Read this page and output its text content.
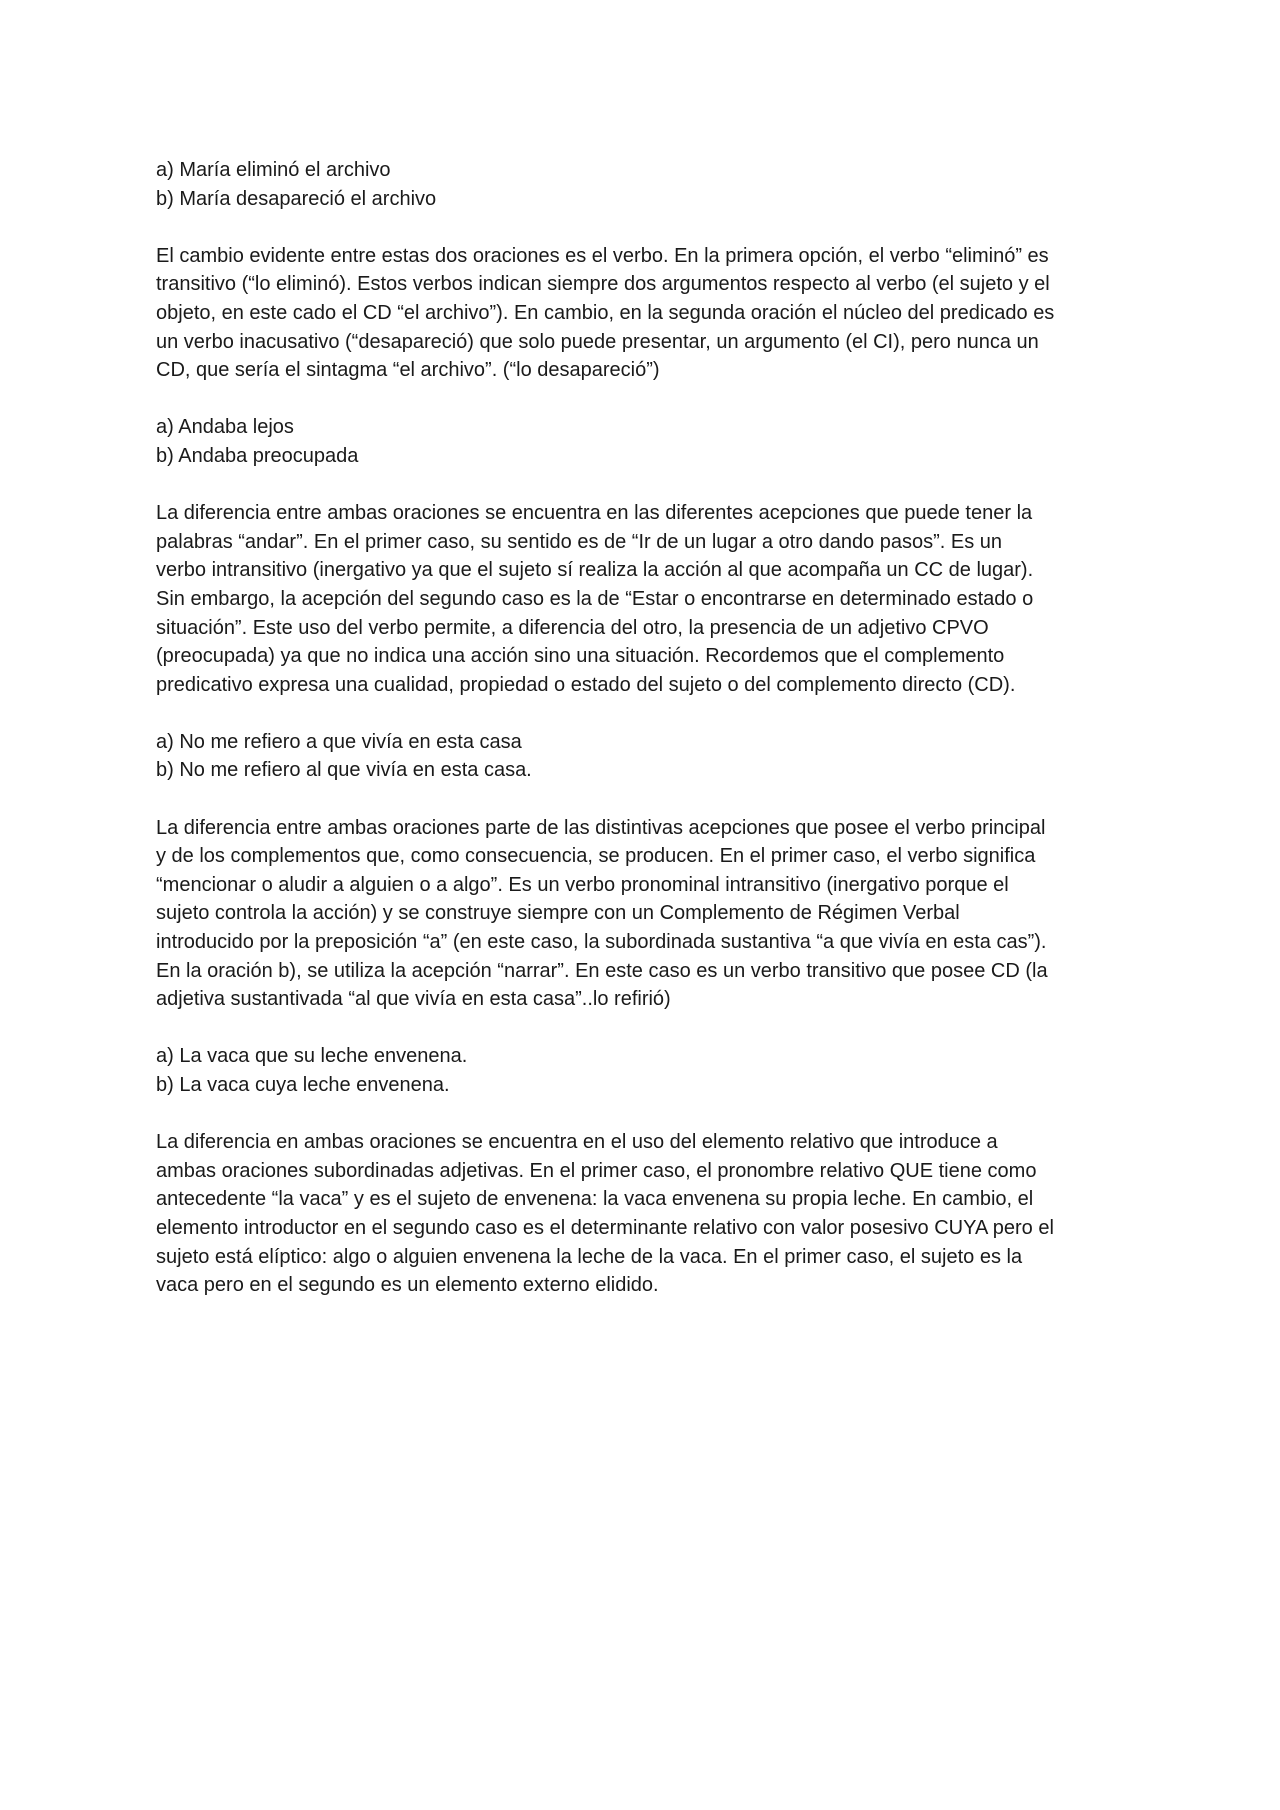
a) María eliminó el archivo
b) María desapareció el archivo
El cambio evidente entre estas dos oraciones es el verbo. En la primera opción, el verbo “eliminó” es
transitivo (“lo eliminó). Estos verbos indican siempre dos argumentos respecto al verbo (el sujeto y el
objeto, en este cado el CD “el archivo”). En cambio, en la segunda oración el núcleo del predicado es
un verbo inacusativo (“desapareció) que solo puede presentar, un argumento (el CI), pero nunca un
CD, que sería el sintagma “el archivo”. (“lo desapareció”)
a) Andaba lejos
b) Andaba preocupada
La diferencia entre ambas oraciones se encuentra en las diferentes acepciones que puede tener la
palabras “andar”. En el primer caso, su sentido es de “Ir de un lugar a otro dando pasos”. Es un
verbo intransitivo (inergativo ya que el sujeto sí realiza la acción al que acompaña un CC de lugar).
Sin embargo, la acepción del segundo caso es la de “Estar o encontrarse en determinado estado o
situación”. Este uso del verbo permite, a diferencia del otro, la presencia de un adjetivo CPVO
(preocupada) ya que no indica una acción sino una situación. Recordemos que el complemento
predicativo expresa una cualidad, propiedad o estado del sujeto o del complemento directo (CD).
a) No me refiero a que vivía en esta casa
b) No me refiero al que vivía en esta casa.
La diferencia entre ambas oraciones parte de las distintivas acepciones que posee el verbo principal
y de los complementos que, como consecuencia, se producen. En el primer caso, el verbo significa
“mencionar o aludir a alguien o a algo”. Es un verbo pronominal intransitivo (inergativo porque el
sujeto controla la acción) y se construye siempre con un Complemento de Régimen Verbal
introducido por la preposición “a” (en este caso, la subordinada sustantiva “a que vivía en esta cas”).
En la oración b), se utiliza la acepción “narrar”. En este caso es un verbo transitivo que posee CD (la
adjetiva sustantivada “al que vivía en esta casa”..lo refirió)
a) La vaca que su leche envenena.
b) La vaca cuya leche envenena.
La diferencia en ambas oraciones se encuentra en el uso del elemento relativo que introduce a
ambas oraciones subordinadas adjetivas. En el primer caso, el pronombre relativo QUE tiene como
antecedente “la vaca” y es el sujeto de envenena: la vaca envenena su propia leche. En cambio, el
elemento introductor en el segundo caso es el determinante relativo con valor posesivo CUYA pero el
sujeto está elíptico: algo o alguien envenena la leche de la vaca. En el primer caso, el sujeto es la
vaca pero en el segundo es un elemento externo elidido.
